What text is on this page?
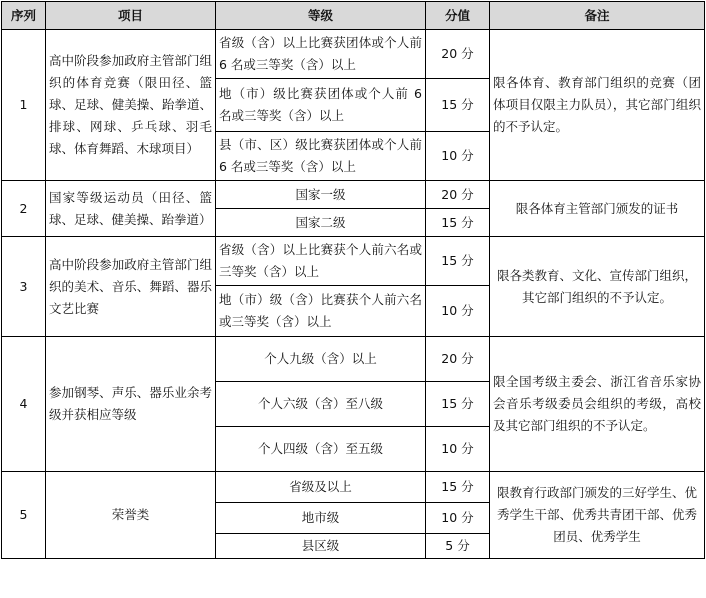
序列	项目	等级	分值	备注
1	高中阶段参加政府主管部门组织的体育竞赛（限田径、篮球、足球、健美操、跆拳道、排球、网球、乒乓球、羽毛球、体育舞蹈、木球项目）	省级（含）以上比赛获团体或个人前 6 名或三等奖（含）以上	20 分	限各体育、教育部门组织的竞赛（团体项目仅限主力队员），其它部门组织的不予认定。
		地（市）级比赛获团体或个人前 6 名或三等奖（含）以上	15 分	
		县（市、区）级比赛获团体或个人前 6 名或三等奖（含）以上	10 分	
2	国家等级运动员（田径、篮球、足球、健美操、跆拳道）	国家一级	20 分	限各体育主管部门颁发的证书
		国家二级	15 分	
3	高中阶段参加政府主管部门组织的美术、音乐、舞蹈、器乐文艺比赛	省级（含）以上比赛获个人前六名或三等奖（含）以上	15 分	限各类教育、文化、宣传部门组织，其它部门组织的不予认定。
		地（市）级（含）比赛获个人前六名或三等奖（含）以上	10 分	
4	参加钢琴、声乐、器乐业余考级并获相应等级	个人九级（含）以上	20 分	限全国考级主委会、浙江省音乐家协会音乐考级委员会组织的考级，高校及其它部门组织的不予认定。
		个人六级（含）至八级	15 分	
		个人四级（含）至五级	10 分	
5	荣誉类	省级及以上	15 分	限教育行政部门颁发的三好学生、优秀学生干部、优秀共青团干部、优秀团员、优秀学生
		地市级	10 分	
		县区级	5 分	
